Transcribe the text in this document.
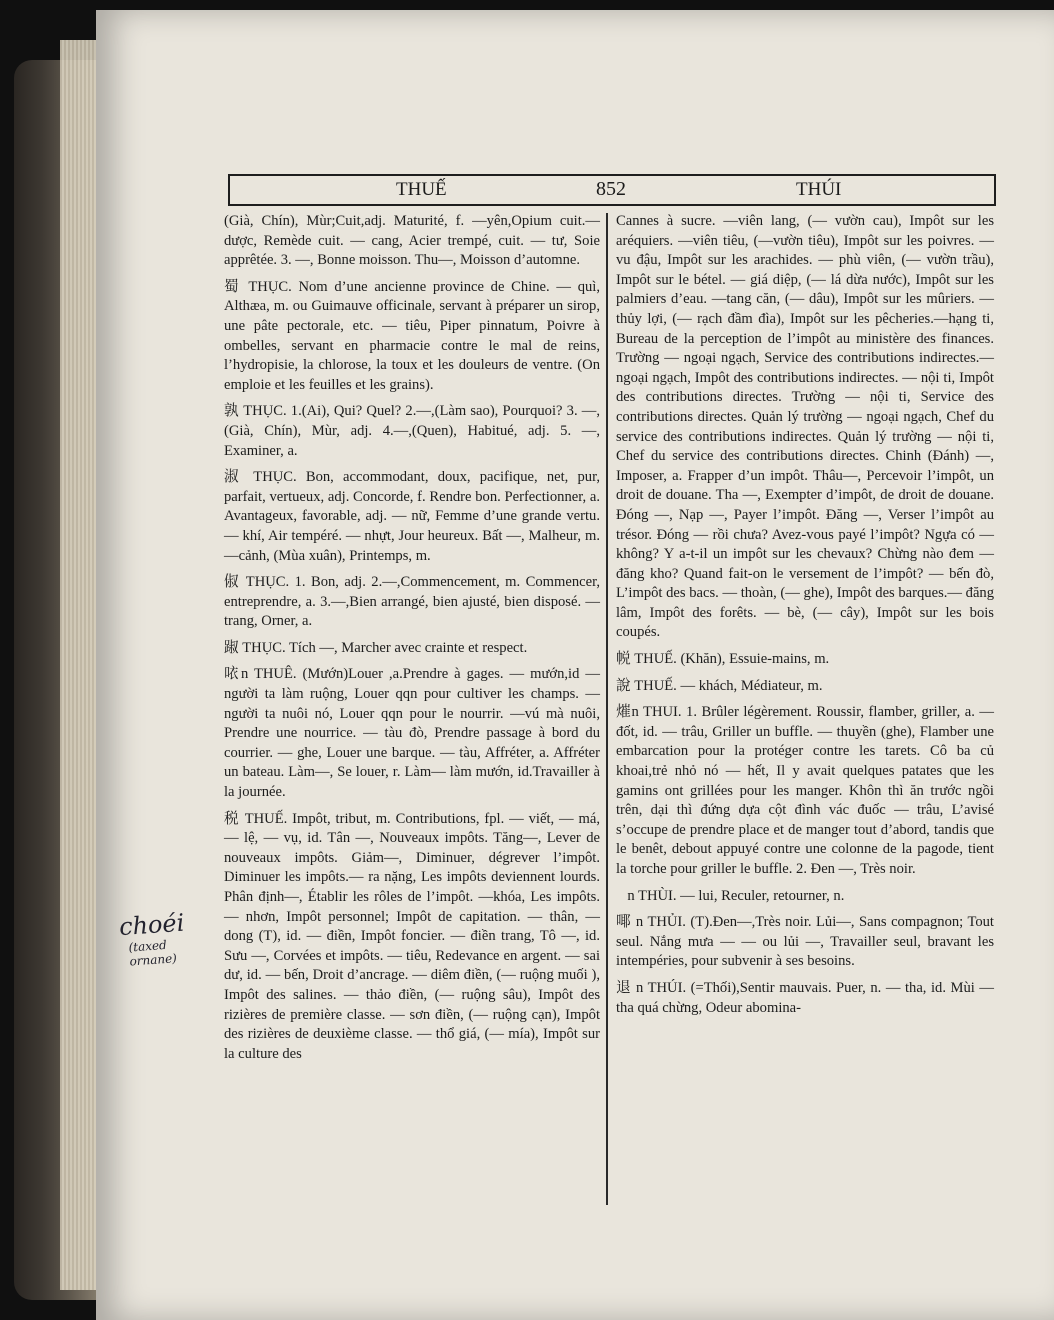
THUẾ	852	THÚI
choéi
(taxed
ornane)

(Già, Chín), Mùr;Cuit,adj. Maturité, f. —yên,Opium cuit.—dược, Remède cuit. — cang, Acier trempé, cuit. — tư, Soie apprêtée. 3. —, Bonne moisson. Thu—, Moisson d’automne.

蜀 THỤC. Nom d’une ancienne province de Chine. — quì, Althæa, m. ou Guimauve officinale, servant à préparer un sirop, une pâte pectorale, etc. — tiêu, Piper pinnatum, Poivre à ombelles, servant en pharmacie contre le mal de reins, l’hydropisie, la chlorose, la toux et les douleurs de ventre. (On emploie et les feuilles et les grains).

孰 THỤC. 1.(Ai), Qui? Quel? 2.—,(Làm sao), Pourquoi? 3. —,(Già, Chín), Mùr, adj. 4.—,(Quen), Habitué, adj. 5. —, Examiner, a.

淑 THỤC. Bon, accommodant, doux, pacifique, net, pur, parfait, vertueux, adj. Concorde, f. Rendre bon. Perfectionner, a. Avantageux, favorable, adj. — nữ, Femme d’une grande vertu. — khí, Air tempéré. — nhựt, Jour heureux. Bất —, Malheur, m. —cảnh, (Mùa xuân), Printemps, m.

俶 THỤC. 1. Bon, adj. 2.—,Commencement, m. Commencer, entreprendre, a. 3.—,Bien arrangé, bien ajusté, bien disposé. —trang, Orner, a.

踧 THỤC. Tích —, Marcher avec crainte et respect.

𠲖n THUÊ. (Mướn)Louer ,a.Prendre à gages. — mướn,id —người ta làm ruộng, Louer qqn pour cultiver les champs. —người ta nuôi nó, Louer qqn pour le nourrir. —vú mà nuôi, Prendre une nourrice. — tàu đò, Prendre passage à bord du courrier. — ghe, Louer une barque. — tàu, Affréter, a. Affréter un bateau. Làm—, Se louer, r. Làm— làm mướn, id.Travailler à la journée.

税 THUẾ. Impôt, tribut, m. Contributions, fpl. — viết, — má, — lệ, — vụ, id. Tân —, Nouveaux impôts. Tăng—, Lever de nouveaux impôts. Giảm—, Diminuer, dégrever l’impôt. Diminuer les impôts.— ra nặng, Les impôts deviennent lourds. Phân định—, Établir les rôles de l’impôt. —khóa, Les impôts. — nhơn, Impôt personnel; Impôt de capitation. — thân, — dong (T), id. — điền, Impôt foncier. — điền trang, Tô —, id. Sưu —, Corvées et impôts. — tiêu, Redevance en argent. — sai dư, id. — bến, Droit d’ancrage. — diêm điền, (— ruộng muối ), Impôt des salines. — thảo điền, (— ruộng sâu), Impôt des rizières de première classe. — sơn điền, (— ruộng cạn), Impôt des rizières de deuxième classe. — thổ giá, (— mía), Impôt sur la culture des

Cannes à sucre. —viên lang, (— vườn cau), Impôt sur les aréquiers. —viên tiêu, (—vườn tiêu), Impôt sur les poivres. — vu đậu, Impôt sur les arachides. — phù viên, (— vườn trầu), Impôt sur le bétel. — giá diệp, (— lá dừa nước), Impôt sur les palmiers d’eau. —tang căn, (— dâu), Impôt sur les mûriers. — thủy lợi, (— rạch đầm đìa), Impôt sur les pêcheries.—hạng ti, Bureau de la perception de l’impôt au ministère des finances. Trường — ngoại ngạch, Service des contributions indirectes.— ngoại ngạch, Impôt des contributions indirectes. — nội ti, Impôt des contributions directes. Trường — nội ti, Service des contributions directes. Quản lý trường — ngoại ngạch, Chef du service des contributions indirectes. Quản lý trường — nội ti, Chef du service des contributions directes. Chinh (Đánh) —, Imposer, a. Frapper d’un impôt. Thâu—, Percevoir l’impôt, un droit de douane. Tha —, Exempter d’impôt, de droit de douane. Đóng —, Nạp —, Payer l’impôt. Đăng —, Verser l’impôt au trésor. Đóng — rồi chưa? Avez-vous payé l’impôt? Ngựa có — không? Y a-t-il un impôt sur les chevaux? Chừng nào đem — đăng kho? Quand fait-on le versement de l’impôt? — bến đò, L’impôt des bacs. — thoàn, (— ghe), Impôt des barques.— đăng lâm, Impôt des forêts. — bè, (— cây), Impôt sur les bois coupés.

帨 THUẾ. (Khăn), Essuie-mains, m.

說 THUẾ. — khách, Médiateur, m.

熣n THUI. 1. Brûler légèrement. Roussir, flamber, griller, a. — đốt, id. — trâu, Griller un buffle. — thuyền (ghe), Flamber une embarcation pour la protéger contre les tarets. Cô ba củ khoai,trẻ nhỏ nó — hết, Il y avait quelques patates que les gamins ont grillées pour les manger. Khôn thì ăn trước ngồi trên, dại thì đứng dựa cột đình vác đuốc — trâu, L’avisé s’occupe de prendre place et de manger tout d’abord, tandis que le benêt, debout appuyé contre une colonne de la pagode, tient la torche pour griller le buffle. 2. Đen —, Très noir.

𨇒n THÙI. — lui, Reculer, retourner, n.

㖿 n THỦI. (T).Đen—,Très noir. Lủi—, Sans compagnon; Tout seul. Nắng mưa — — ou lủi —, Travailler seul, bravant les intempéries, pour subvenir à ses besoins.

退 n THÚI. (=Thối),Sentir mauvais. Puer, n. — tha, id. Mùi — tha quá chừng, Odeur abomina-
